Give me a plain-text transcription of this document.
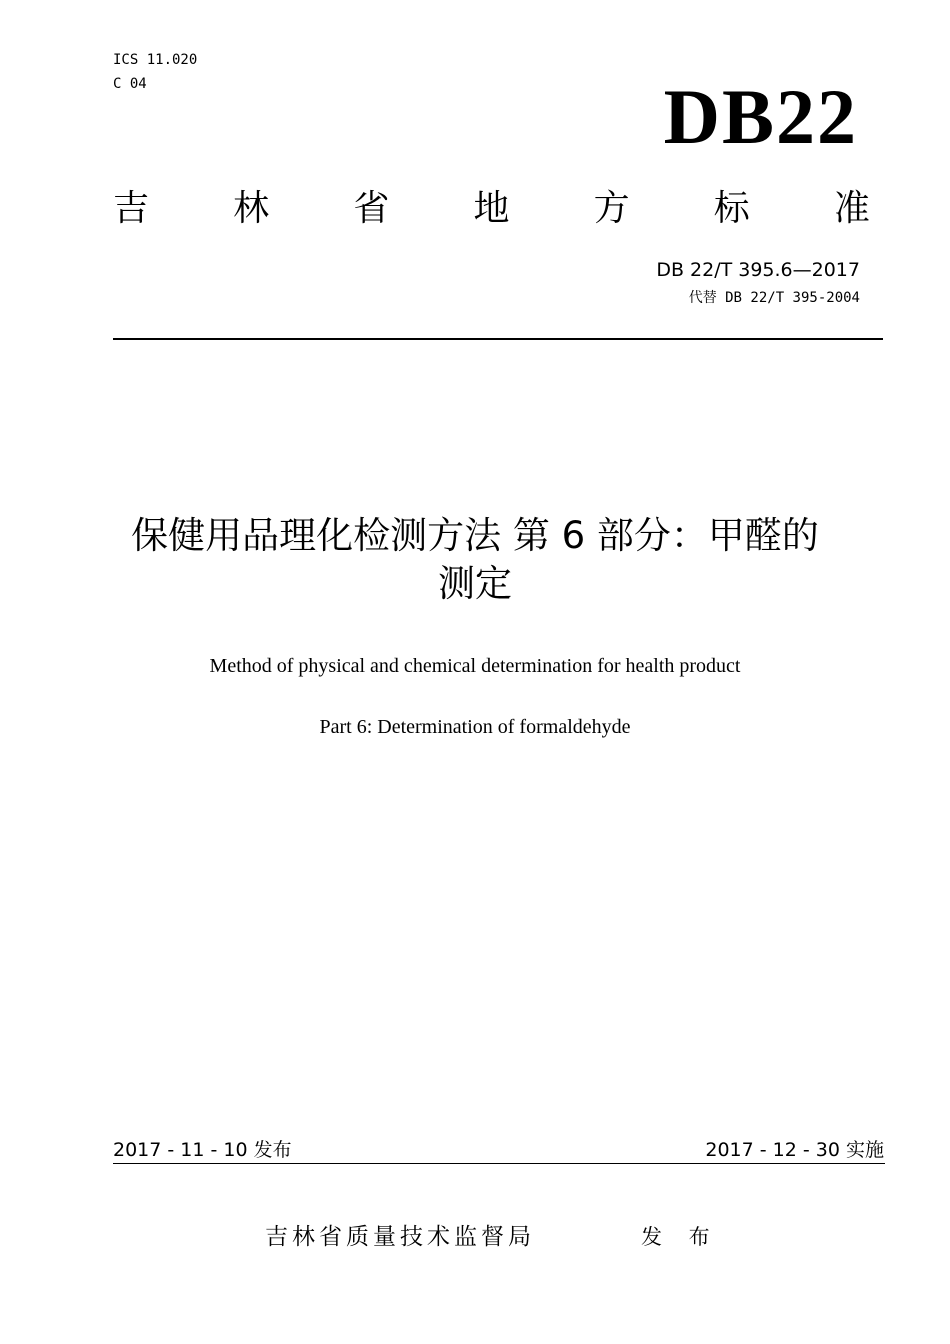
ICS 11.020
C 04	DB22
吉 林 省 地 方 标 准
DB 22/T 395.6—2017
代替 DB 22/T 395-2004
保健用品理化检测方法 第 6 部分：甲醛的
测定
Method of physical and chemical determination for health product
Part 6: Determination of formaldehyde
2017 - 11 - 10 发布	2017 - 12 - 30 实施
吉林省质量技术监督局	发 布
